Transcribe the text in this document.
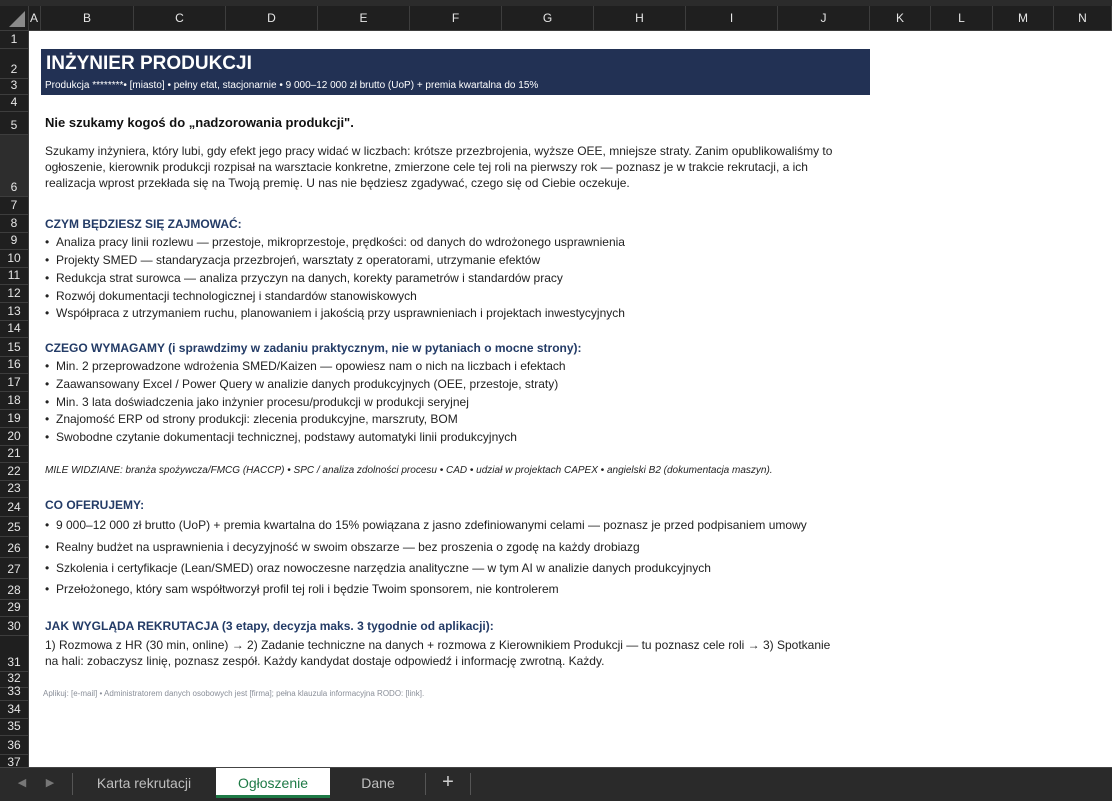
A	B	C	D	E	F	G	H	I	J	K	L	M	N
1
2
3
4
5
6
7
8
9
10
11
12
13
14
15
16
17
18
19
20
21
22
23
24
25
26
27
28
29
30
31
32
33
34
35
36
37
INŻYNIER PRODUKCJI
Produkcja ********• [miasto] • pełny etat, stacjonarnie • 9 000–12 000 zł brutto (UoP) + premia kwartalna do 15%
Nie szukamy kogoś do „nadzorowania produkcji".
Szukamy inżyniera, który lubi, gdy efekt jego pracy widać w liczbach: krótsze przezbrojenia, wyższe OEE, mniejsze straty. Zanim opublikowaliśmy to
ogłoszenie, kierownik produkcji rozpisał na warsztacie konkretne, zmierzone cele tej roli na pierwszy rok — poznasz je w trakcie rekrutacji, a ich
realizacja wprost przekłada się na Twoją premię. U nas nie będziesz zgadywać, czego się od Ciebie oczekuje.
CZYM BĘDZIESZ SIĘ ZAJMOWAĆ:
• Analiza pracy linii rozlewu — przestoje, mikroprzestoje, prędkości: od danych do wdrożonego usprawnienia
• Projekty SMED — standaryzacja przezbrojeń, warsztaty z operatorami, utrzymanie efektów
• Redukcja strat surowca — analiza przyczyn na danych, korekty parametrów i standardów pracy
• Rozwój dokumentacji technologicznej i standardów stanowiskowych
• Współpraca z utrzymaniem ruchu, planowaniem i jakością przy usprawnieniach i projektach inwestycyjnych
CZEGO WYMAGAMY (i sprawdzimy w zadaniu praktycznym, nie w pytaniach o mocne strony):
• Min. 2 przeprowadzone wdrożenia SMED/Kaizen — opowiesz nam o nich na liczbach i efektach
• Zaawansowany Excel / Power Query w analizie danych produkcyjnych (OEE, przestoje, straty)
• Min. 3 lata doświadczenia jako inżynier procesu/produkcji w produkcji seryjnej
• Znajomość ERP od strony produkcji: zlecenia produkcyjne, marszruty, BOM
• Swobodne czytanie dokumentacji technicznej, podstawy automatyki linii produkcyjnych
MILE WIDZIANE: branża spożywcza/FMCG (HACCP) • SPC / analiza zdolności procesu • CAD • udział w projektach CAPEX • angielski B2 (dokumentacja maszyn).
CO OFERUJEMY:
• 9 000–12 000 zł brutto (UoP) + premia kwartalna do 15% powiązana z jasno zdefiniowanymi celami — poznasz je przed podpisaniem umowy
• Realny budżet na usprawnienia i decyzyjność w swoim obszarze — bez proszenia o zgodę na każdy drobiazg
• Szkolenia i certyfikacje (Lean/SMED) oraz nowoczesne narzędzia analityczne — w tym AI w analizie danych produkcyjnych
• Przełożonego, który sam współtworzył profil tej roli i będzie Twoim sponsorem, nie kontrolerem
JAK WYGLĄDA REKRUTACJA (3 etapy, decyzja maks. 3 tygodnie od aplikacji):
1) Rozmowa z HR (30 min, online) → 2) Zadanie techniczne na danych + rozmowa z Kierownikiem Produkcji — tu poznasz cele roli → 3) Spotkanie
na hali: zobaczysz linię, poznasz zespół. Każdy kandydat dostaje odpowiedź i informację zwrotną. Każdy.
Aplikuj: [e-mail] • Administratorem danych osobowych jest [firma]; pełna klauzula informacyjna RODO: [link].
◀	▶	Karta rekrutacji	Ogłoszenie	Dane	+
